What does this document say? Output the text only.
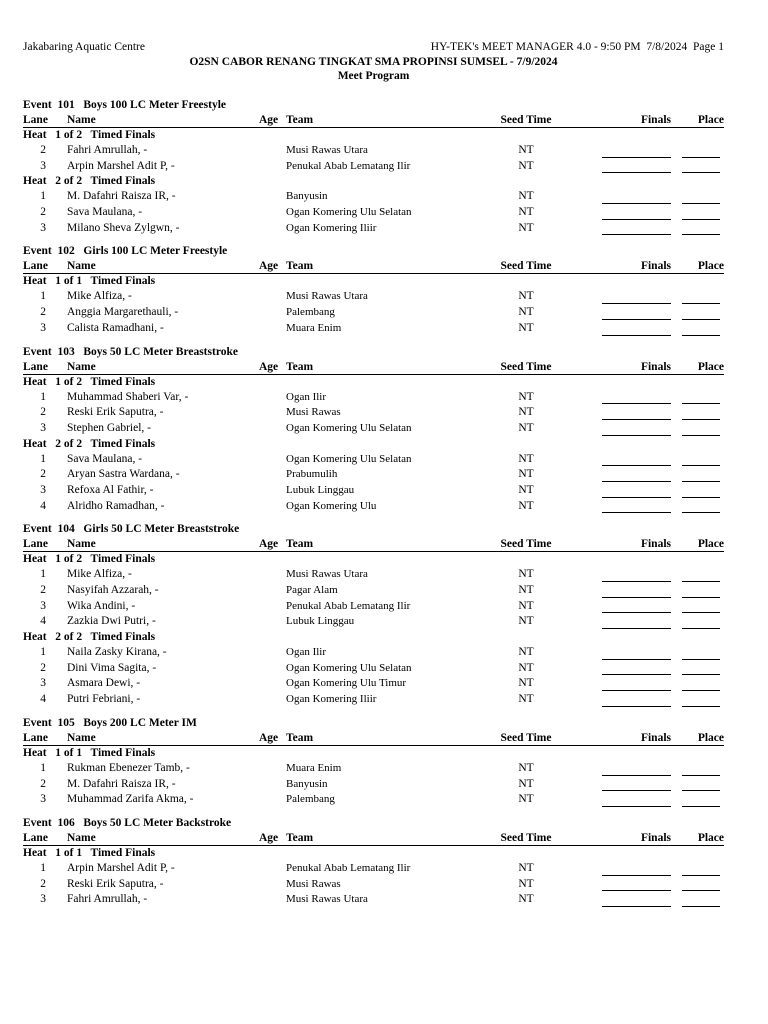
Jakabaring Aquatic Centre	HY-TEK's MEET MANAGER 4.0 - 9:50 PM  7/8/2024  Page 1
O2SN CABOR RENANG TINGKAT SMA PROPINSI SUMSEL - 7/9/2024
Meet Program
Event  101   Boys 100 LC Meter Freestyle
Lane Name	Age Team	Seed Time	Finals Place
Heat   1 of 2   Timed Finals
2 Fahri Amrullah, -	Musi Rawas Utara	NT
3 Arpin Marshel Adit P, -	Penukal Abab Lematang Ilir	NT
Heat   2 of 2   Timed Finals
1 M. Dafahri Raisza IR, -	Banyusin	NT
2 Sava Maulana, -	Ogan Komering Ulu Selatan	NT
3 Milano Sheva Zylgwn, -	Ogan Komering Iliir	NT
Event  102   Girls 100 LC Meter Freestyle
Lane Name	Age Team	Seed Time	Finals Place
Heat   1 of 1   Timed Finals
1 Mike Alfiza, -	Musi Rawas Utara	NT
2 Anggia Margarethauli, -	Palembang	NT
3 Calista Ramadhani, -	Muara Enim	NT
Event  103   Boys 50 LC Meter Breaststroke
Lane Name	Age Team	Seed Time	Finals Place
Heat   1 of 2   Timed Finals
1 Muhammad Shaberi Var, -	Ogan Ilir	NT
2 Reski Erik Saputra, -	Musi Rawas	NT
3 Stephen Gabriel, -	Ogan Komering Ulu Selatan	NT
Heat   2 of 2   Timed Finals
1 Sava Maulana, -	Ogan Komering Ulu Selatan	NT
2 Aryan Sastra Wardana, -	Prabumulih	NT
3 Refoxa Al Fathir, -	Lubuk Linggau	NT
4 Alridho Ramadhan, -	Ogan Komering Ulu	NT
Event  104   Girls 50 LC Meter Breaststroke
Lane Name	Age Team	Seed Time	Finals Place
Heat   1 of 2   Timed Finals
1 Mike Alfiza, -	Musi Rawas Utara	NT
2 Nasyifah Azzarah, -	Pagar Alam	NT
3 Wika Andini, -	Penukal Abab Lematang Ilir	NT
4 Zazkia Dwi Putri, -	Lubuk Linggau	NT
Heat   2 of 2   Timed Finals
1 Naila Zasky Kirana, -	Ogan Ilir	NT
2 Dini Vima Sagita, -	Ogan Komering Ulu Selatan	NT
3 Asmara Dewi, -	Ogan Komering Ulu Timur	NT
4 Putri Febriani, -	Ogan Komering Iliir	NT
Event  105   Boys 200 LC Meter IM
Lane Name	Age Team	Seed Time	Finals Place
Heat   1 of 1   Timed Finals
1 Rukman Ebenezer Tamb, -	Muara Enim	NT
2 M. Dafahri Raisza IR, -	Banyusin	NT
3 Muhammad Zarifa Akma, -	Palembang	NT
Event  106   Boys 50 LC Meter Backstroke
Lane Name	Age Team	Seed Time	Finals Place
Heat   1 of 1   Timed Finals
1 Arpin Marshel Adit P, -	Penukal Abab Lematang Ilir	NT
2 Reski Erik Saputra, -	Musi Rawas	NT
3 Fahri Amrullah, -	Musi Rawas Utara	NT
